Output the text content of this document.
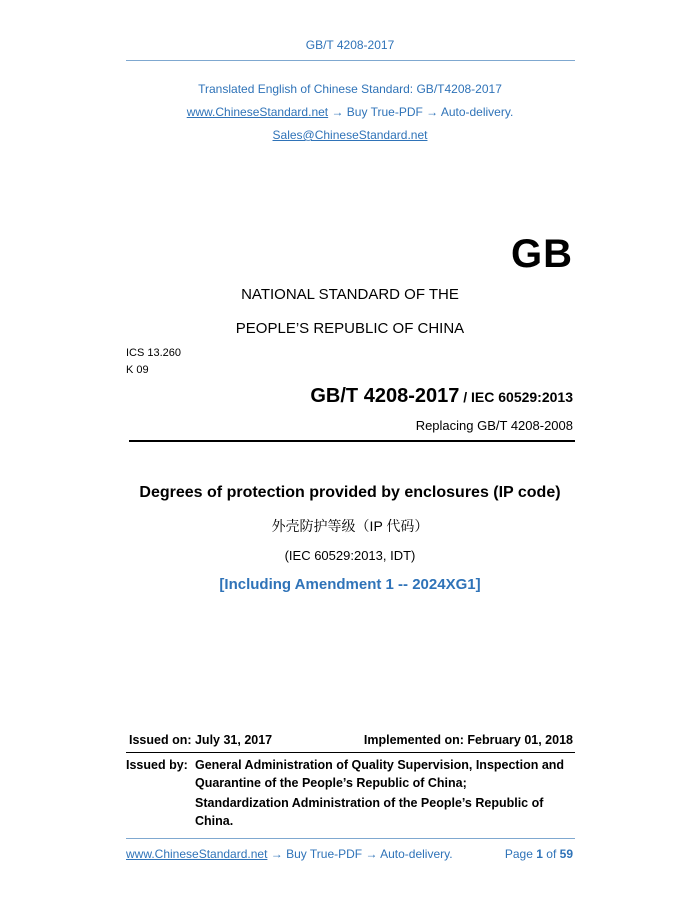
GB/T 4208-2017
Translated English of Chinese Standard: GB/T4208-2017
www.ChineseStandard.net → Buy True-PDF → Auto-delivery.
Sales@ChineseStandard.net
GB
NATIONAL STANDARD OF THE
PEOPLE’S REPUBLIC OF CHINA
ICS 13.260
K 09
GB/T 4208-2017 / IEC 60529:2013
Replacing GB/T 4208-2008
Degrees of protection provided by enclosures (IP code)
外壳防护等级（IP 代码）
(IEC 60529:2013, IDT)
[Including Amendment 1 -- 2024XG1]
Issued on: July 31, 2017	Implemented on: February 01, 2018
Issued by: General Administration of Quality Supervision, Inspection and
Quarantine of the People’s Republic of China;
Standardization Administration of the People’s Republic of
China.
www.ChineseStandard.net → Buy True-PDF → Auto-delivery.	Page 1 of 59
